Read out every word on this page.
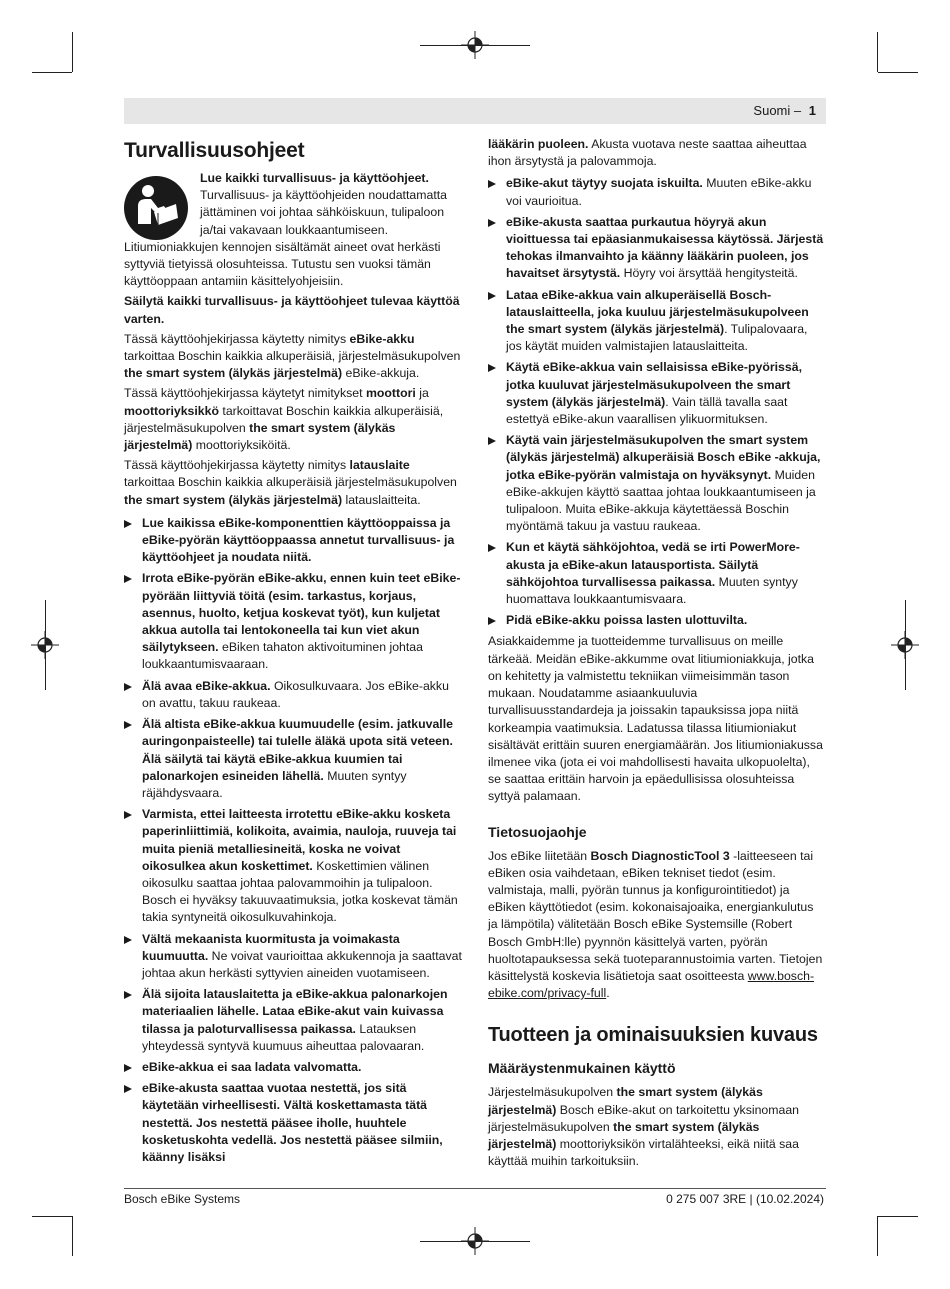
Suomi – 1
Turvallisuusohjeet
Lue kaikki turvallisuus- ja käyttöohjeet. Turvallisuus- ja käyttöohjeiden noudattamatta jättäminen voi johtaa sähköiskuun, tulipaloon ja/tai vakavaan loukkaantumiseen.

Litiumioniakkujen kennojen sisältämät aineet ovat herkästi syttyviä tietyissä olosuhteissa. Tutustu sen vuoksi tämän käyttöoppaan antamiin käsittelyohjeisiin.

Säilytä kaikki turvallisuus- ja käyttöohjeet tulevaa käyttöä varten.

Tässä käyttöohjekirjassa käytetty nimitys eBike-akku tarkoittaa Boschin kaikkia alkuperäisiä, järjestelmäsukupolven the smart system (älykäs järjestelmä) eBike-akkuja.

Tässä käyttöohjekirjassa käytetyt nimitykset moottori ja moottoriyksikkö tarkoittavat Boschin kaikkia alkuperäisiä, järjestelmäsukupolven the smart system (älykäs järjestelmä) moottoriyksiköitä.

Tässä käyttöohjekirjassa käytetty nimitys latauslaite tarkoittaa Boschin kaikkia alkuperäisiä järjestelmäsukupolven the smart system (älykäs järjestelmä) latauslaitteita.

Lue kaikissa eBike-komponenttien käyttöoppaissa ja eBike-pyörän käyttöoppaassa annetut turvallisuus- ja käyttöohjeet ja noudata niitä.
Irrota eBike-pyörän eBike-akku, ennen kuin teet eBike-pyörään liittyviä töitä (esim. tarkastus, korjaus, asennus, huolto, ketjua koskevat työt), kun kuljetat akkua autolla tai lentokoneella tai kun viet akun säilytykseen. eBiken tahaton aktivoituminen johtaa loukkaantumisvaaraan.
Älä avaa eBike-akkua. Oikosulkuvaara. Jos eBike-akku on avattu, takuu raukeaa.
Älä altista eBike-akkua kuumuudelle (esim. jatkuvalle auringonpaisteelle) tai tulelle äläkä upota sitä veteen. Älä säilytä tai käytä eBike-akkua kuumien tai palonarkojen esineiden lähellä. Muuten syntyy räjähdysvaara.
Varmista, ettei laitteesta irrotettu eBike-akku kosketa paperinliittimiä, kolikoita, avaimia, nauloja, ruuveja tai muita pieniä metalliesineitä, koska ne voivat oikosulkea akun koskettimet. Koskettimien välinen oikosulku saattaa johtaa palovammoihin ja tulipaloon. Bosch ei hyväksy takuuvaatimuksia, jotka koskevat tämän takia syntyneitä oikosulkuvahinkoja.
Vältä mekaanista kuormitusta ja voimakasta kuumuutta. Ne voivat vaurioittaa akkukennoja ja saattavat johtaa akun herkästi syttyvien aineiden vuotamiseen.
Älä sijoita latauslaitetta ja eBike-akkua palonarkojen materiaalien lähelle. Lataa eBike-akut vain kuivassa tilassa ja paloturvallisessa paikassa. Latauksen yhteydessä syntyvä kuumuus aiheuttaa palovaaran.
eBike-akkua ei saa ladata valvomatta.
eBike-akusta saattaa vuotaa nestettä, jos sitä käytetään virheellisesti. Vältä koskettamasta tätä nestettä. Jos nestettä pääsee iholle, huuhtele kosketuskohta vedellä. Jos nestettä pääsee silmiin, käänny lisäksi

lääkärin puoleen. Akusta vuotava neste saattaa aiheuttaa ihon ärsytystä ja palovammoja.

eBike-akut täytyy suojata iskuilta. Muuten eBike-akku voi vaurioitua.
eBike-akusta saattaa purkautua höyryä akun vioittuessa tai epäasianmukaisessa käytössä. Järjestä tehokas ilmanvaihto ja käänny lääkärin puoleen, jos havaitset ärsytystä. Höyry voi ärsyttää hengitysteitä.
Lataa eBike-akkua vain alkuperäisellä Bosch-latauslaitteella, joka kuuluu järjestelmäsukupolveen the smart system (älykäs järjestelmä). Tulipalovaara, jos käytät muiden valmistajien latauslaitteita.
Käytä eBike-akkua vain sellaisissa eBike-pyörissä, jotka kuuluvat järjestelmäsukupolveen the smart system (älykäs järjestelmä). Vain tällä tavalla saat estettyä eBike-akun vaarallisen ylikuormituksen.
Käytä vain järjestelmäsukupolven the smart system (älykäs järjestelmä) alkuperäisiä Bosch eBike -akkuja, jotka eBike-pyörän valmistaja on hyväksynyt. Muiden eBike-akkujen käyttö saattaa johtaa loukkaantumiseen ja tulipaloon. Muita eBike-akkuja käytettäessä Boschin myöntämä takuu ja vastuu raukeaa.
Kun et käytä sähköjohtoa, vedä se irti PowerMore-akusta ja eBike-akun latausportista. Säilytä sähköjohtoa turvallisessa paikassa. Muuten syntyy huomattava loukkaantumisvaara.
Pidä eBike-akku poissa lasten ulottuvilta.

Asiakkaidemme ja tuotteidemme turvallisuus on meille tärkeää. Meidän eBike-akkumme ovat litiumioniakkuja, jotka on kehitetty ja valmistettu tekniikan viimeisimmän tason mukaan. Noudatamme asiaankuuluvia turvallisuusstandardeja ja joissakin tapauksissa jopa niitä korkeampia vaatimuksia. Ladatussa tilassa litiumioniakut sisältävät erittäin suuren energiamäärän. Jos litiumioniakussa ilmenee vika (jota ei voi mahdollisesti havaita ulkopuolelta), se saattaa erittäin harvoin ja epäedullisissa olosuhteissa syttyä palamaan.

Tietosuojaohje

Jos eBike liitetään Bosch DiagnosticTool 3 -laitteeseen tai eBiken osia vaihdetaan, eBiken tekniset tiedot (esim. valmistaja, malli, pyörän tunnus ja konfigurointitiedot) ja eBiken käyttötiedot (esim. kokonaisajoaika, energiankulutus ja lämpötila) välitetään Bosch eBike Systemsille (Robert Bosch GmbH:lle) pyynnön käsittelyä varten, pyörän huoltotapauksessa sekä tuoteparannustoimia varten. Tietojen käsittelystä koskevia lisätietoja saat osoitteesta www.bosch-ebike.com/privacy-full.

Tuotteen ja ominaisuuksien kuvaus
Määräystenmukainen käyttö

Järjestelmäsukupolven the smart system (älykäs järjestelmä) Bosch eBike-akut on tarkoitettu yksinomaan järjestelmäsukupolven the smart system (älykäs järjestelmä) moottoriyksikön virtalähteeksi, eikä niitä saa käyttää muihin tarkoituksiin.

Bosch eBike Systems	0 275 007 3RE | (10.02.2024)
